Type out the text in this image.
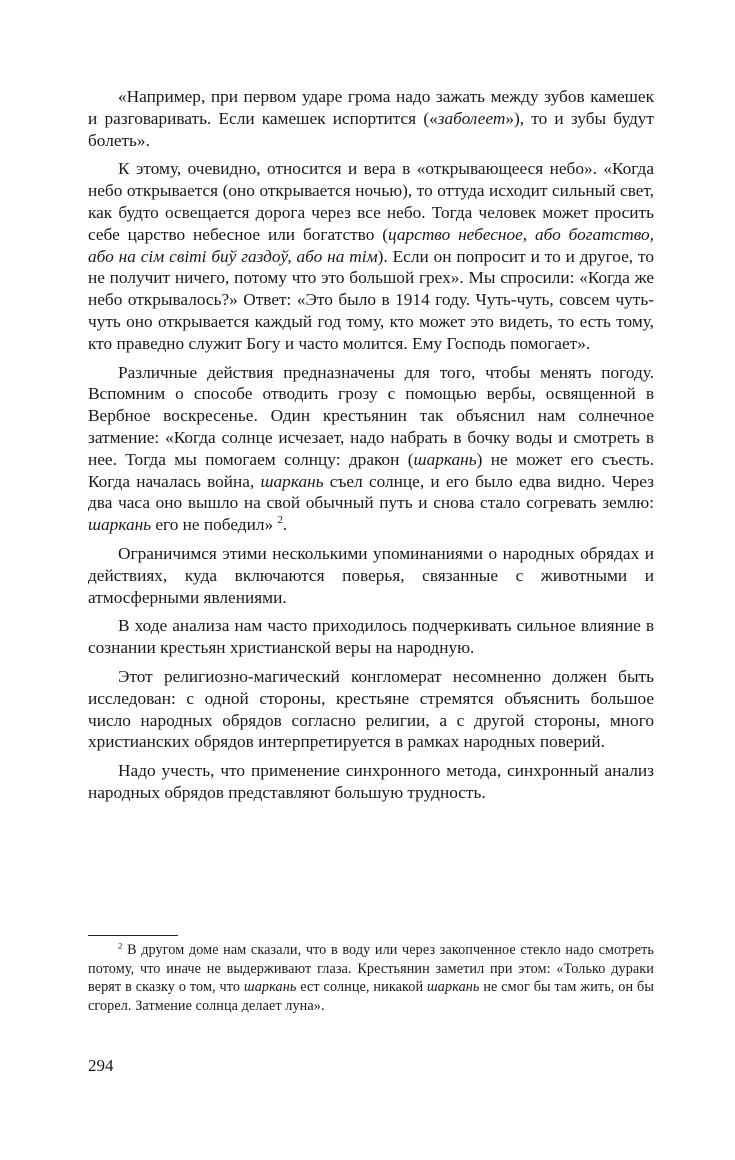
«Например, при первом ударе грома надо зажать между зубов камешек и разговаривать. Если камешек испортится («заболеет»), то и зубы будут болеть».

К этому, очевидно, относится и вера в «открывающееся небо». «Когда небо открывается (оно открывается ночью), то оттуда исходит сильный свет, как будто освещается дорога через все небо. Тогда человек может просить себе царство небесное или богатство (царство небесное, або богатство, або на сім світі биў газдоў, або на тім). Если он попросит и то и другое, то не получит ничего, потому что это большой грех». Мы спросили: «Когда же небо открывалось?» Ответ: «Это было в 1914 году. Чуть-чуть, совсем чуть-чуть оно открывается каждый год тому, кто может это видеть, то есть тому, кто праведно служит Богу и часто молится. Ему Господь помогает».

Различные действия предназначены для того, чтобы менять погоду. Вспомним о способе отводить грозу с помощью вербы, освященной в Вербное воскресенье. Один крестьянин так объяснил нам солнечное затмение: «Когда солнце исчезает, надо набрать в бочку воды и смотреть в нее. Тогда мы помогаем солнцу: дракон (шаркань) не может его съесть. Когда началась война, шаркань съел солнце, и его было едва видно. Через два часа оно вышло на свой обычный путь и снова стало согревать землю: шаркань его не победил» $^2$.

Ограничимся этими несколькими упоминаниями о народных обрядах и действиях, куда включаются поверья, связанные с животными и атмосферными явлениями.

В ходе анализа нам часто приходилось подчеркивать сильное влияние в сознании крестьян христианской веры на народную.

Этот религиозно-магический конгломерат несомненно должен быть исследован: с одной стороны, крестьяне стремятся объяснить большое число народных обрядов согласно религии, а с другой стороны, много христианских обрядов интерпретируется в рамках народных поверий.

Надо учесть, что применение синхронного метода, синхронный анализ народных обрядов представляют большую трудность.

$^2$ В другом доме нам сказали, что в воду или через закопченное стекло надо смотреть потому, что иначе не выдерживают глаза. Крестьянин заметил при этом: «Только дураки верят в сказку о том, что шаркань ест солнце, никакой шаркань не смог бы там жить, он бы сгорел. Затмение солнца делает луна».

294
